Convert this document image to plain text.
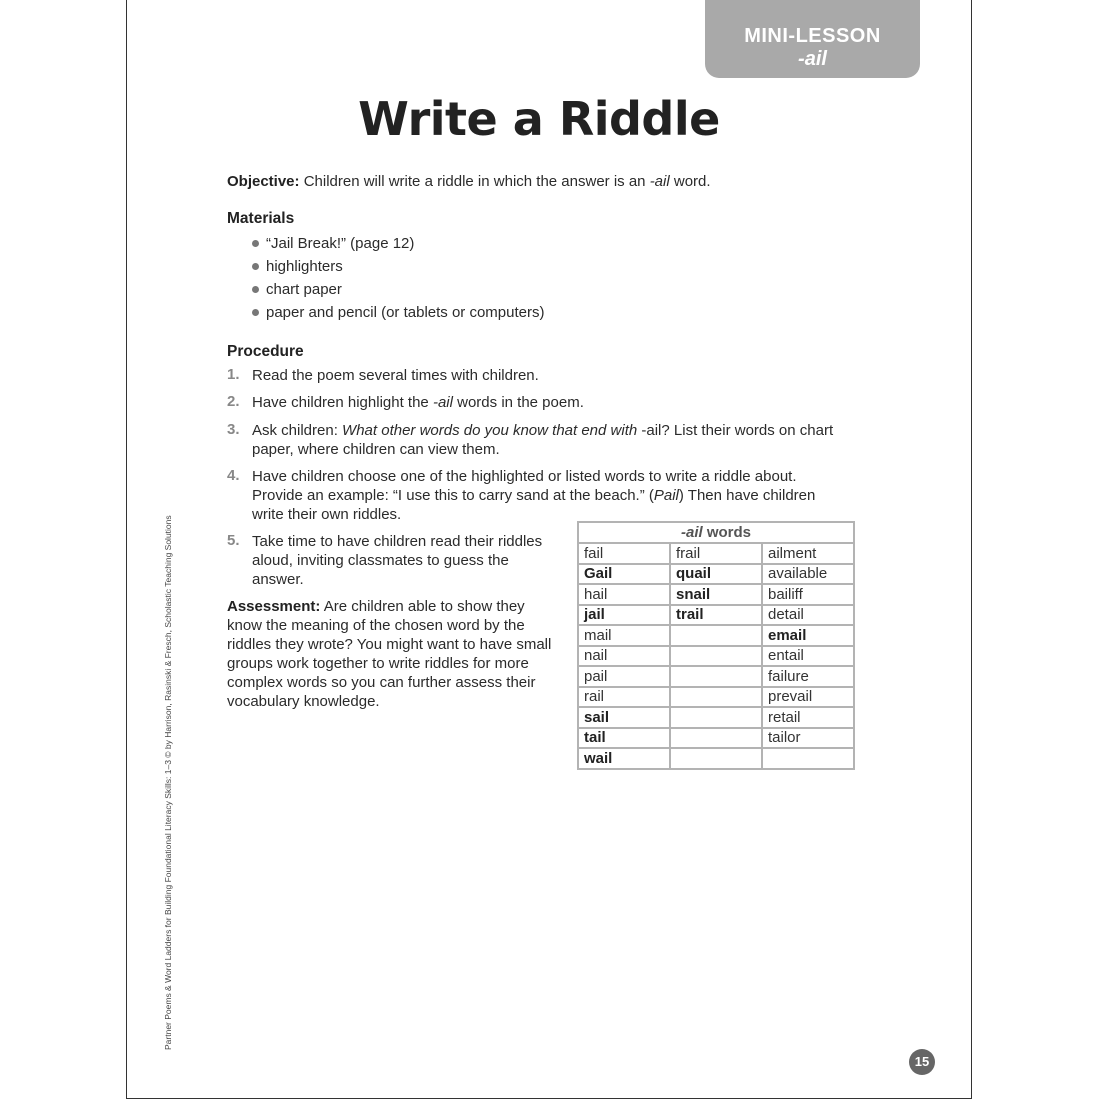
MINI-LESSON
-ail
Write a Riddle
Objective: Children will write a riddle in which the answer is an -ail word.
Materials
“Jail Break!” (page 12)
highlighters
chart paper
paper and pencil (or tablets or computers)
Procedure
1. Read the poem several times with children.
2. Have children highlight the -ail words in the poem.
3. Ask children: What other words do you know that end with -ail? List their words on chart
paper, where children can view them.
4. Have children choose one of the highlighted or listed words to write a riddle about.
Provide an example: “I use this to carry sand at the beach.” (Pail) Then have children
write their own riddles.
5. Take time to have children read their riddles
aloud, inviting classmates to guess the
answer.
Assessment: Are children able to show they
know the meaning of the chosen word by the
riddles they wrote? You might want to have small
groups work together to write riddles for more
complex words so you can further assess their
vocabulary knowledge.
-ail words		
fail	frail	ailment
Gail	quail	available
hail	snail	bailiff
jail	trail	detail
mail		email
nail		entail
pail		failure
rail		prevail
sail		retail
tail		tailor
wail		
Partner Poems & Word Ladders for Building Foundational Literacy Skills: 1–3 © by Harrison, Rasinski & Fresch, Scholastic Teaching Solutions
15
